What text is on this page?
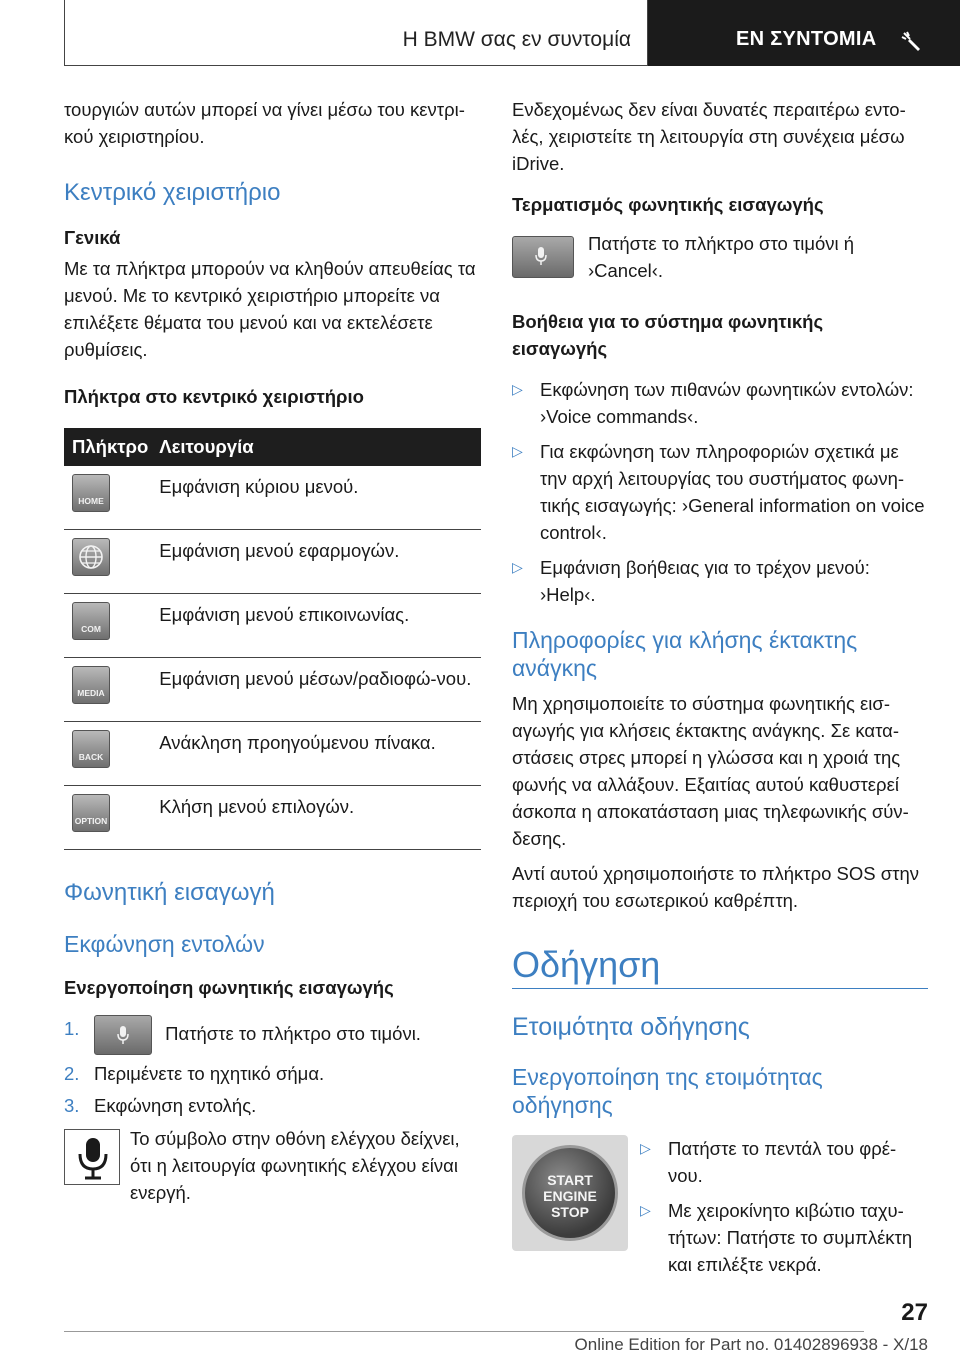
Η BMW σας εν συντομία	ΕΝ ΣΥΝΤΟΜΙΑ

τουργιών αυτών μπορεί να γίνει μέσω του κεντρι-κού χειριστηρίου.

Κεντρικό χειριστήριο
Γενικά

Με τα πλήκτρα μπορούν να κληθούν απευθείας τα μενού. Με το κεντρικό χειριστήριο μπορείτε να επιλέξετε θέματα του μενού και να εκτελέσετε ρυθμίσεις.

Πλήκτρα στο κεντρικό χειριστήριο
Πλήκτρο	Λειτουργία

HOME	Εμφάνιση κύριου μενού.

	Εμφάνιση μενού εφαρμογών.

COM	Εμφάνιση μενού επικοινωνίας.

MEDIA	Εμφάνιση μενού μέσων/ραδιοφώ-νου.

BACK	Ανάκληση προηγούμενου πίνακα.

OPTION	Κλήση μενού επιλογών.
Φωνητική εισαγωγή
Εκφώνηση εντολών
Ενεργοποίηση φωνητικής εισαγωγής
1.	Πατήστε το πλήκτρο στο τιμόνι.
2. Περιμένετε το ηχητικό σήμα.
3. Εκφώνηση εντολής.

Το σύμβολο στην οθόνη ελέγχου δείχνει, ότι η λειτουργία φωνητικής ελέγχου είναι ενεργή.

Ενδεχομένως δεν είναι δυνατές περαιτέρω εντο-λές, χειριστείτε τη λειτουργία στη συνέχεια μέσω iDrive.

Τερματισμός φωνητικής εισαγωγής

Πατήστε το πλήκτρο στο τιμόνι ή ›Cancel‹.

Βοήθεια για το σύστημα φωνητικής εισαγωγής
▷ Εκφώνηση των πιθανών φωνητικών εντολών: ›Voice commands‹.
▷ Για εκφώνηση των πληροφοριών σχετικά με την αρχή λειτουργίας του συστήματος φωνη-τικής εισαγωγής: ›General information on voice control‹.
▷ Εμφάνιση βοήθειας για το τρέχον μενού: ›Help‹.
Πληροφορίες για κλήσης έκτακτης ανάγκης

Μη χρησιμοποιείτε το σύστημα φωνητικής εισ-αγωγής για κλήσεις έκτακτης ανάγκης. Σε κατα-στάσεις στρες μπορεί η γλώσσα και η χροιά της φωνής να αλλάξουν. Εξαιτίας αυτού καθυστερεί άσκοπα η αποκατάσταση μιας τηλεφωνικής σύν-δεσης.

Αντί αυτού χρησιμοποιήστε το πλήκτρο SOS στην περιοχή του εσωτερικού καθρέπτη.

Οδήγηση
Ετοιμότητα οδήγησης
Ενεργοποίηση της ετοιμότητας οδήγησης
START
ENGINE
STOP
▷ Πατήστε το πεντάλ του φρέ-νου.
▷ Με χειροκίνητο κιβώτιο ταχυ-τήτων: Πατήστε το συμπλέκτη και επιλέξτε νεκρά.
27
Online Edition for Part no. 01402896938 - X/18
